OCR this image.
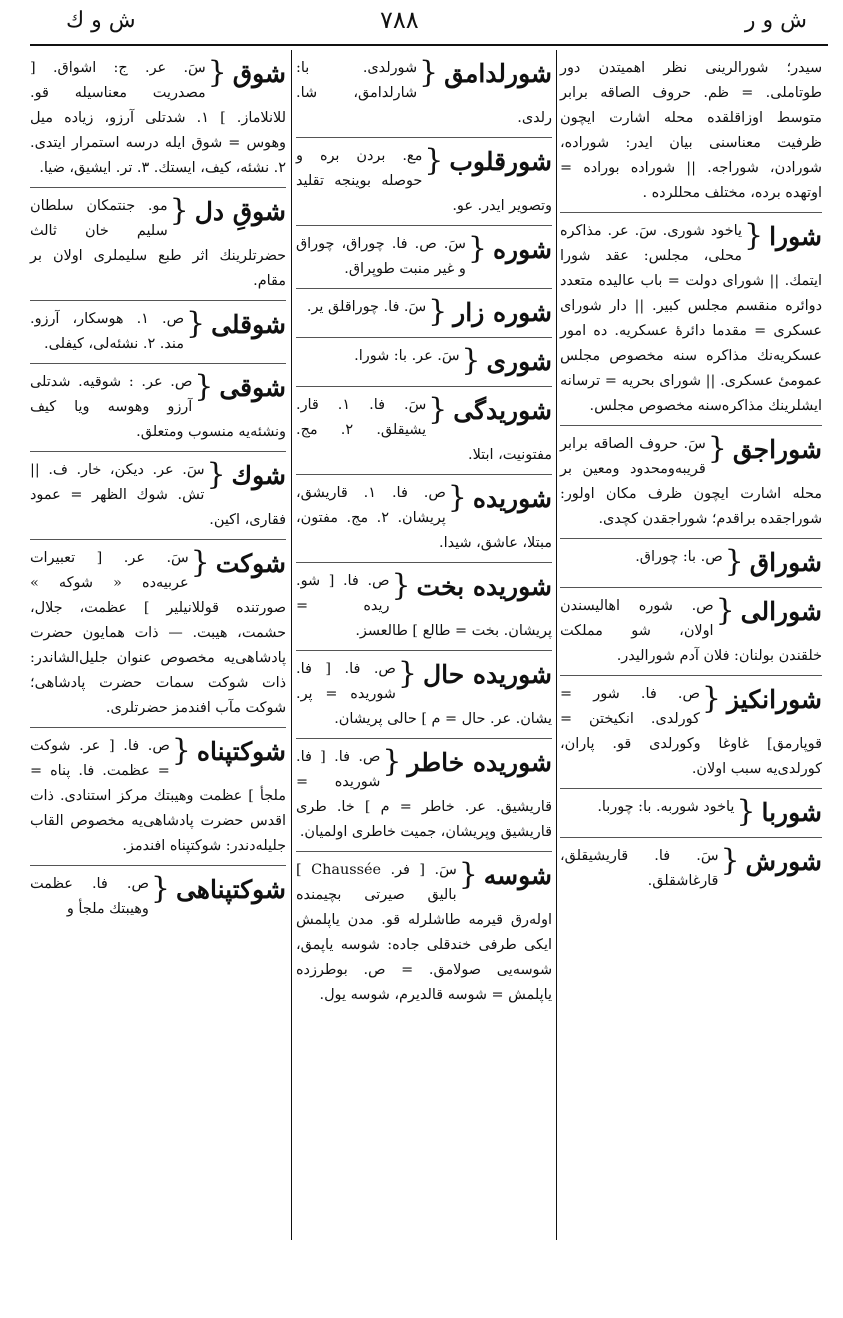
ش و ر
٧٨٨
ش و ك
سیدر؛ شورالرینی نظر اهمیتدن دور طوتاملی. = ظم. حروف الصاقه برابر متوسط اوزاقلقده محله اشارت ایچون ظرفیت معناسنی بیان ایدر: شوراده، شورادن، شوراجه. || شوراده بوراده = اوتهده برده، مختلف محللرده .
شورا
{
یاخود شوری. سَ. عر. مذاکره محلی، مجلس: عقد شورا ایتمك. || شورای دولت = باب عالیده متعدد دوائره منقسم مجلس کبیر. || دار شورای عسکری = مقدما دائرهٔ عسکریه. ده امور عسکریه‌نك مذاکره سنه مخصوص مجلس عمومیٔ عسکری. || شورای بحریه = ترسانه ایشلرینك مذاکره‌سنه مخصوص مجلس.
شوراجق
{
سَ. حروف الصاقه برابر قریبه‌ومحدود ومعین بر محله اشارت ایچون ظرف مکان اولور: شوراجقده براقدم؛ شوراجقدن کچدی.
شوراق
{
ص. با: چوراق.
شورالی
{
ص. شوره اهالیسندن اولان، شو مملکت خلقندن بولنان: فلان آدم شورالیدر.
شورانکیز
{
ص. فا. شور = کورلدی. انکیختن = قوپارمق] غاوغا وکورلدی قو. پاران، کورلدی‌یه سبب اولان.
شوربا
{
یاخود شوربه. با: چوربا.
شورش
{
سَ. فا. قاریشیقلق، قارغاشقلق.
شورلدامق
{
شورلدی. با: شارلدامق، شا. رلدی.
شورقلوب
{
مع. بردن بره و حوصله بوینجه تقلید وتصویر ایدر. عو.
شوره
{
سَ. ص. فا. چوراق، چوراق و غیر منبت طوپراق.
شوره زار
{
سَ. فا. چوراقلق یر.
شوری
{
سَ. عر. با: شورا.
شوریدگی
{
سَ. فا. ۱. قار. یشیقلق. ۲. مج. مفتونیت، ابتلا.
شوریده
{
ص. فا. ۱. قاریشق، پریشان. ۲. مج. مفتون، مبتلا، عاشق، شیدا.
شوریده بخت
{
ص. فا. [ شو. ریده = پریشان. بخت = طالع ] طالعسز.
شوریده حال
{
ص. فا. [ فا. شوریده = پر. یشان. عر. حال = م ] حالی پریشان.
شوریده خاطر
{
ص. فا. [ فا. شوریده = قاریشیق. عر. خاطر = م ] خا. طری قاریشیق وپریشان، جمیت خاطری اولمیان.
شوسه
{
سَ. [ فر. Chaussée ] بالیق صیرتی بچیمنده اوله‌رق قیرمه طاشلرله قو. مدن یاپلمش ایکی طرفی خندقلی جاده: شوسه یاپمق، شوسه‌یی صولامق. = ص. بوطرزده یاپلمش = شوسه قالدیرم، شوسه یول.
شوق
{
سَ. عر. ج: اشواق. [ مصدریت معناسیله قو. للانلاماز. ] ۱. شدتلی آرزو، زیاده میل وهوس = شوق ایله درسه استمرار ایتدی. ۲. نشئه، کیف، ایستك. ۳. تر. ایشیق، ضیا.
شوقِ دل
{
مو. جنتمکان سلطان سلیم خان ثالث حضرتلرینك اثر طبع سلیملری اولان بر مقام.
شوقلی
{
ص. ۱. هوسکار، آرزو. مند. ۲. نشئه‌لی، کیفلی.
شوقی
{
ص. عر. ‌‌: شوقیه. شدتلی آرزو وهوسه ویا کیف ونشئه‌یه منسوب ومتعلق.
شوك
{
سَ. عر. دیکن، خار. ف. || تش. شوك الظهر = عمود فقاری، اکین.
شوکت
{
سَ. عر. [ تعبیرات عربیه‌ده « شوکه » صورتنده قوللانیلیر ] عظمت، جلال، حشمت، هیبت. — ذات همایون حضرت پادشاهی‌یه مخصوص عنوان جلیل‌الشاندر: ذات شوکت سمات حضرت پادشاهی؛ شوکت مآب افندمز حضرتلری.
شوکتپناه
{
ص. فا. [ عر. شوکت = عظمت. فا. پناه = ملجأ ] عظمت وهیبتك مرکز استنادی. ذات اقدس حضرت پادشاهی‌یه مخصوص القاب جلیله‌دندر: شوکتپناه افندمز.
شوکتپناهی
{
ص. فا. عظمت وهیبتك ملجأ و
